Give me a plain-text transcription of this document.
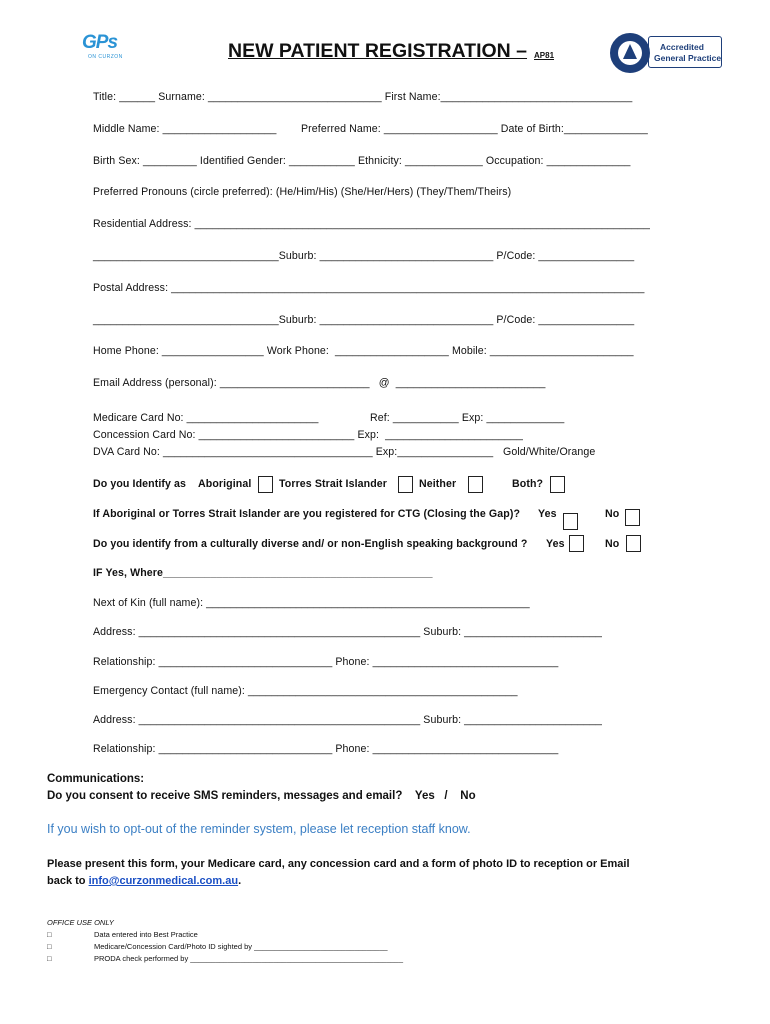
GPs
ON CURZON	NEW PATIENT REGISTRATION – AP81
Accredited
General Practice
Title: ______ Surname: _____________________________ First Name:________________________________
Middle Name: ___________________ Preferred Name: ___________________ Date of Birth:______________
Birth Sex: _________ Identified Gender: ___________ Ethnicity: _____________ Occupation: ______________
Preferred Pronouns (circle preferred): (He/Him/His) (She/Her/Hers) (They/Them/Theirs)
Residential Address: ____________________________________________________________________________
_______________________________Suburb: _____________________________ P/Code: ________________
Postal Address: _______________________________________________________________________________
_______________________________Suburb: _____________________________ P/Code: ________________
Home Phone: _________________ Work Phone:  ___________________ Mobile: ________________________
Email Address (personal): _________________________   @  _________________________
Medicare Card No: ______________________	Ref: ___________ Exp: _____________
Concession Card No: __________________________ Exp:  _______________________
DVA Card No: ___________________________________ Exp:________________ Gold/White/Orange
Do you Identify as Aboriginal	Torres Strait Islander	Neither	Both?
If Aboriginal or Torres Strait Islander are you registered for CTG (Closing the Gap)? Yes	No
Do you identify from a culturally diverse and/ or non-English speaking background ? Yes	No
IF Yes, Where_____________________________________________
Next of Kin (full name): ______________________________________________________
Address: _______________________________________________ Suburb: _______________________
Relationship: _____________________________ Phone: _______________________________
Emergency Contact (full name): _____________________________________________
Address: _______________________________________________ Suburb: _______________________
Relationship: _____________________________ Phone: _______________________________
Communications:
Do you consent to receive SMS reminders, messages and email?    Yes   /    No
If you wish to opt-out of the reminder system, please let reception staff know.
Please present this form, your Medicare card, any concession card and a form of photo ID to reception or Email
back to info@curzonmedical.com.au.
OFFICE USE ONLY
□	Data entered into Best Practice
□	Medicare/Concession Card/Photo ID sighted by ________________________________
□	PRODA check performed by ___________________________________________________
